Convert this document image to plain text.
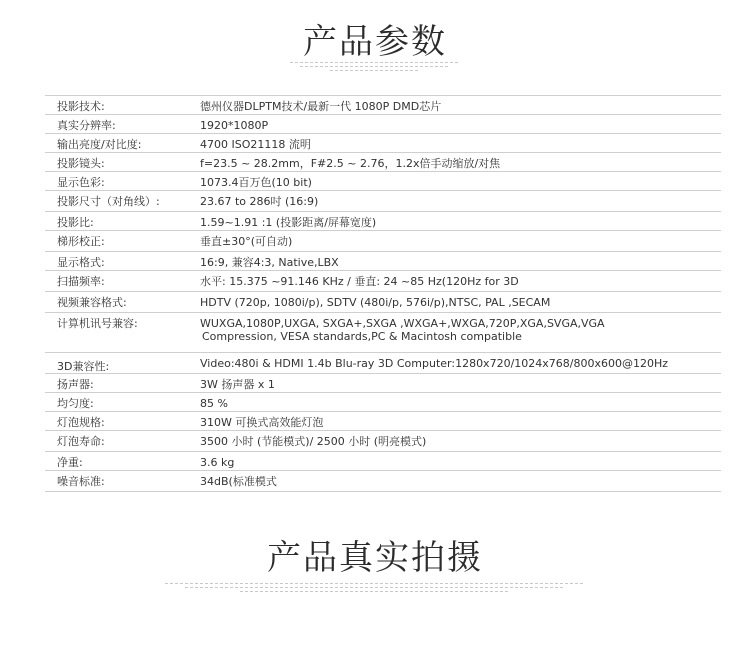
产品参数
投影技术:	德州仪器DLPTM技术/最新一代 1080P DMD芯片

真实分辨率:	1920*1080P

输出亮度/对比度:	4700 ISO21118 流明

投影镜头:	f=23.5 ~ 28.2mm，F#2.5 ~ 2.76，1.2x倍手动缩放/对焦

显示色彩:	1073.4百万色(10 bit)

投影尺寸（对角线）:	23.67 to 286吋 (16:9)

投影比:	1.59~1.91 :1 (投影距离/屏幕宽度)

梯形校正:	垂直±30°(可自动)

显示格式:	16:9, 兼容4:3, Native,LBX

扫描频率:	水平: 15.375 ~91.146 KHz / 垂直: 24 ~85 Hz(120Hz for 3D

视频兼容格式:	HDTV (720p, 1080i/p), SDTV (480i/p, 576i/p),NTSC, PAL ,SECAM

计算机讯号兼容:	WUXGA,1080P,UXGA, SXGA+,SXGA ,WXGA+,WXGA,720P,XGA,SVGA,VGA
Compression, VESA standards,PC & Macintosh compatible

3D兼容性:	Video:480i & HDMI 1.4b Blu-ray 3D Computer:1280x720/1024x768/800x600@120Hz

扬声器:	3W 扬声器 x 1

均匀度:	85 %

灯泡规格:	310W 可换式高效能灯泡

灯泡寿命:	3500 小时 (节能模式)/ 2500 小时 (明亮模式)

净重:	3.6 kg

噪音标准:	34dB(标准模式
产品真实拍摄
